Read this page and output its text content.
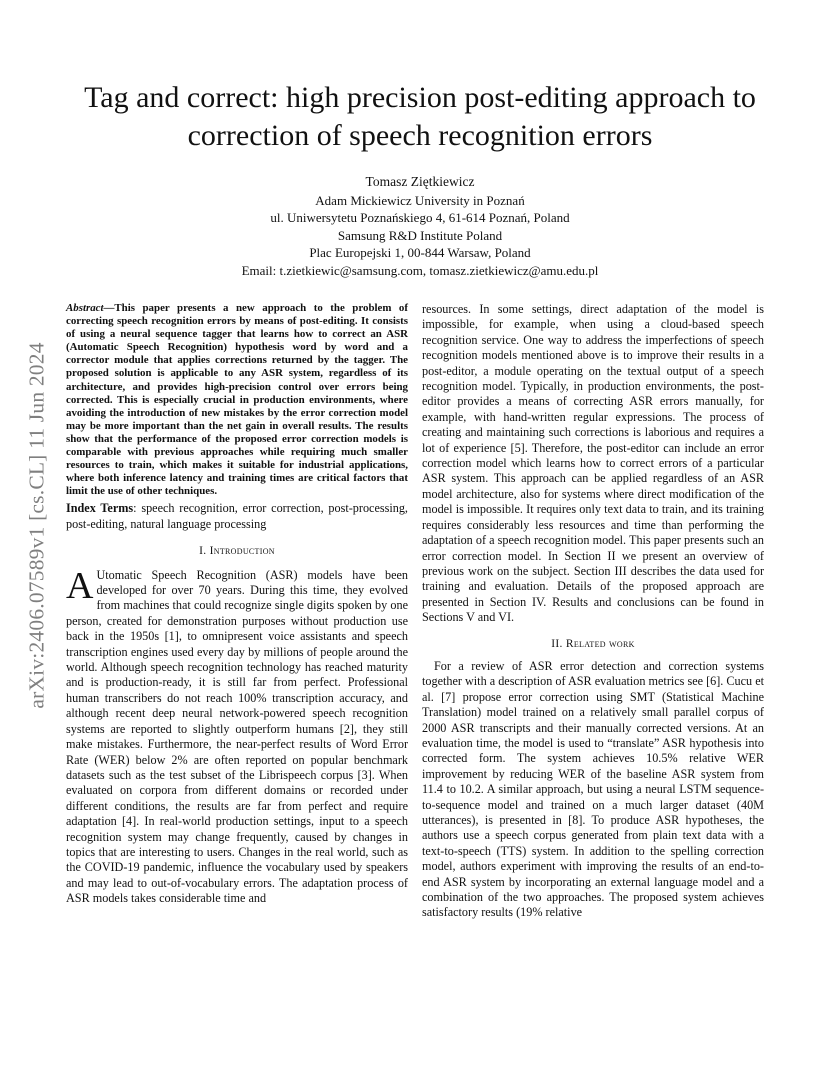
arXiv:2406.07589v1 [cs.CL] 11 Jun 2024
Tag and correct: high precision post-editing approach to correction of speech recognition errors
Tomasz Ziętkiewicz
Adam Mickiewicz University in Poznań
ul. Uniwersytetu Poznańskiego 4, 61-614 Poznań, Poland
Samsung R&D Institute Poland
Plac Europejski 1, 00-844 Warsaw, Poland
Email: t.zietkiewic@samsung.com, tomasz.zietkiewicz@amu.edu.pl

Abstract—This paper presents a new approach to the problem of correcting speech recognition errors by means of post-editing. It consists of using a neural sequence tagger that learns how to correct an ASR (Automatic Speech Recognition) hypothesis word by word and a corrector module that applies corrections returned by the tagger. The proposed solution is applicable to any ASR system, regardless of its architecture, and provides high-precision control over errors being corrected. This is especially crucial in production environments, where avoiding the introduction of new mistakes by the error correction model may be more important than the net gain in overall results. The results show that the performance of the proposed error correction models is comparable with previous approaches while requiring much smaller resources to train, which makes it suitable for industrial applications, where both inference latency and training times are critical factors that limit the use of other techniques.

Index Terms: speech recognition, error correction, post-processing, post-editing, natural language processing

I. Introduction

A Utomatic Speech Recognition (ASR) models have been developed for over 70 years. During this time, they evolved from machines that could recognize single digits spoken by one person, created for demonstration purposes without production use back in the 1950s [1], to omnipresent voice assistants and speech transcription engines used every day by millions of people around the world. Although speech recognition technology has reached maturity and is production-ready, it is still far from perfect. Professional human transcribers do not reach 100% transcription accuracy, and although recent deep neural network-powered speech recognition systems are reported to slightly outperform humans [2], they still make mistakes. Furthermore, the near-perfect results of Word Error Rate (WER) below 2% are often reported on popular benchmark datasets such as the test subset of the Librispeech corpus [3]. When evaluated on corpora from different domains or recorded under different conditions, the results are far from perfect and require adaptation [4]. In real-world production settings, input to a speech recognition system may change frequently, caused by changes in topics that are interesting to users. Changes in the real world, such as the COVID-19 pandemic, influence the vocabulary used by speakers and may lead to out-of-vocabulary errors. The adaptation process of ASR models takes considerable time and

resources. In some settings, direct adaptation of the model is impossible, for example, when using a cloud-based speech recognition service. One way to address the imperfections of speech recognition models mentioned above is to improve their results in a post-editor, a module operating on the textual output of a speech recognition model. Typically, in production environments, the post-editor provides a means of correcting ASR errors manually, for example, with hand-written regular expressions. The process of creating and maintaining such corrections is laborious and requires a lot of experience [5]. Therefore, the post-editor can include an error correction model which learns how to correct errors of a particular ASR system. This approach can be applied regardless of an ASR model architecture, also for systems where direct modification of the model is impossible. It requires only text data to train, and its training requires considerably less resources and time than performing the adaptation of a speech recognition model. This paper presents such an error correction model. In Section II we present an overview of previous work on the subject. Section III describes the data used for training and evaluation. Details of the proposed approach are presented in Section IV. Results and conclusions can be found in Sections V and VI.

II. Related work

For a review of ASR error detection and correction systems together with a description of ASR evaluation metrics see [6]. Cucu et al. [7] propose error correction using SMT (Statistical Machine Translation) model trained on a relatively small parallel corpus of 2000 ASR transcripts and their manually corrected versions. At an evaluation time, the model is used to “translate” ASR hypothesis into corrected form. The system achieves 10.5% relative WER improvement by reducing WER of the baseline ASR system from 11.4 to 10.2. A similar approach, but using a neural LSTM sequence-to-sequence model and trained on a much larger dataset (40M utterances), is presented in [8]. To produce ASR hypotheses, the authors use a speech corpus generated from plain text data with a text-to-speech (TTS) system. In addition to the spelling correction model, authors experiment with improving the results of an end-to-end ASR system by incorporating an external language model and a combination of the two approaches. The proposed system achieves satisfactory results (19% relative
